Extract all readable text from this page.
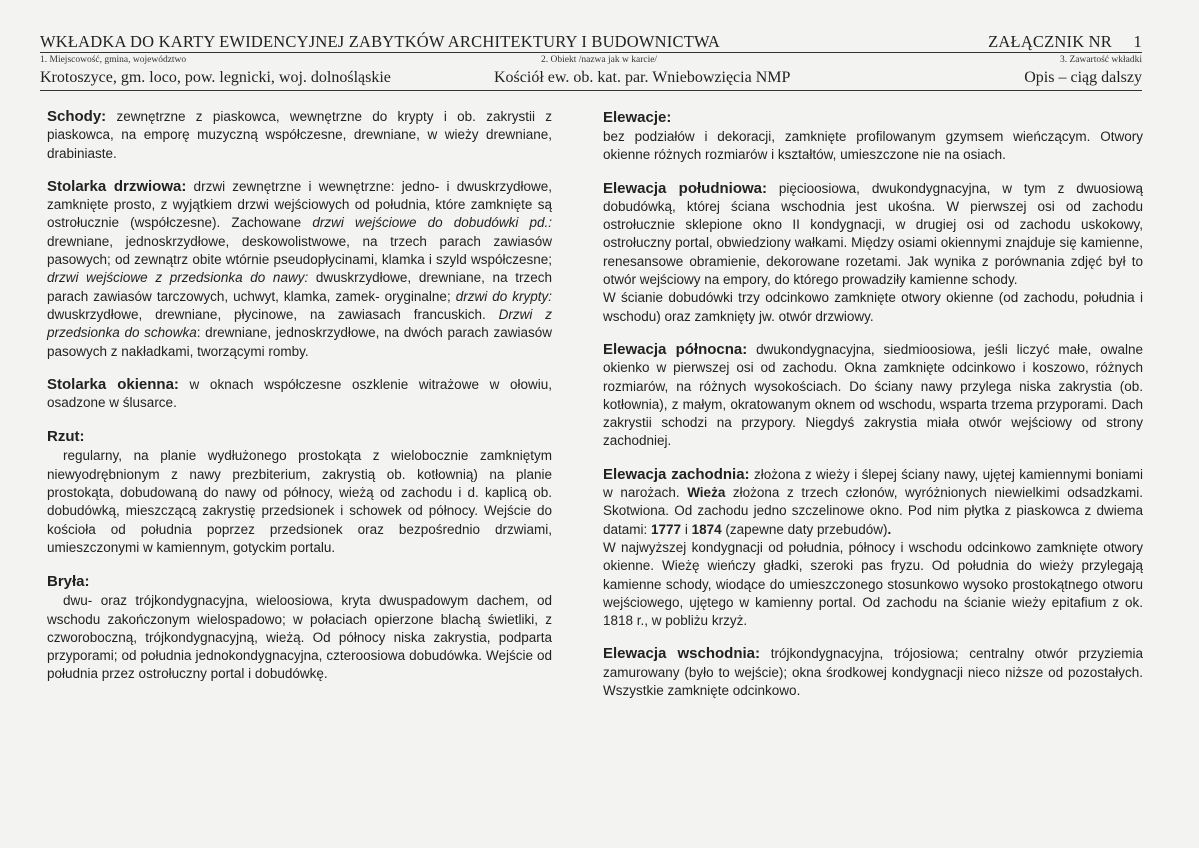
WKŁADKA DO KARTY EWIDENCYJNEJ ZABYTKÓW ARCHITEKTURY I BUDOWNICTWA	ZAŁĄCZNIK NR 1
1. Miejscowość, gmina, województwo	2. Obiekt /nazwa jak w karcie/	3. Zawartość wkładki
Krotoszyce, gm. loco, pow. legnicki, woj. dolnośląskie	Kościół ew. ob. kat. par. Wniebowzięcia NMP	Opis – ciąg dalszy
Schody: zewnętrzne z piaskowca, wewnętrzne do krypty i ob. zakrystii z piaskowca, na emporę muzyczną współczesne, drewniane, w wieży drewniane, drabiniaste.
Stolarka drzwiowa: drzwi zewnętrzne i wewnętrzne: jedno- i dwuskrzydłowe, zamknięte prosto, z wyjątkiem drzwi wejściowych od południa, które zamknięte są ostrołucznie (współczesne). Zachowane drzwi wejściowe do dobudówki pd.: drewniane, jednoskrzydłowe, deskowolistwowe, na trzech parach zawiasów pasowych; od zewnątrz obite wtórnie pseudopłycinami, klamka i szyld współczesne; drzwi wejściowe z przedsionka do nawy: dwuskrzydłowe, drewniane, na trzech parach zawiasów tarczowych, uchwyt, klamka, zamek- oryginalne; drzwi do krypty: dwuskrzydłowe, drewniane, płycinowe, na zawiasach francuskich. Drzwi z przedsionka do schowka: drewniane, jednoskrzydłowe, na dwóch parach zawiasów pasowych z nakładkami, tworzącymi romby.
Stolarka okienna: w oknach współczesne oszklenie witrażowe w ołowiu, osadzone w ślusarce.
Rzut:
regularny, na planie wydłużonego prostokąta z wielobocznie zamkniętym niewyodrębnionym z nawy prezbiterium, zakrystią ob. kotłownią) na planie prostokąta, dobudowaną do nawy od północy, wieżą od zachodu i d. kaplicą ob. dobudówką, mieszczącą zakrystię przedsionek i schowek od północy. Wejście do kościoła od południa poprzez przedsionek oraz bezpośrednio drzwiami, umieszczonymi w kamiennym, gotyckim portalu.
Bryła:
dwu- oraz trójkondygnacyjna, wieloosiowa, kryta dwuspadowym dachem, od wschodu zakończonym wielospadowo; w połaciach opierzone blachą świetliki, z czworoboczną, trójkondygnacyjną, wieżą. Od północy niska zakrystia, podparta przyporami; od południa jednokondygnacyjna, czteroosiowa dobudówka. Wejście od południa przez ostrołuczny portal i dobudówkę.
Elewacje:
bez podziałów i dekoracji, zamknięte profilowanym gzymsem wieńczącym. Otwory okienne różnych rozmiarów i kształtów, umieszczone nie na osiach.

Elewacja południowa: pięcioosiowa, dwukondygnacyjna, w tym z dwuosiową dobudówką, której ściana wschodnia jest ukośna. W pierwszej osi od zachodu ostrołucznie sklepione okno II kondygnacji, w drugiej osi od zachodu uskokowy, ostrołuczny portal, obwiedziony wałkami. Między osiami okiennymi znajduje się kamienne, renesansowe obramienie, dekorowane rozetami. Jak wynika z porównania zdjęć był to otwór wejściowy na empory, do którego prowadziły kamienne schody.

W ścianie dobudówki trzy odcinkowo zamknięte otwory okienne (od zachodu, południa i wschodu) oraz zamknięty jw. otwór drzwiowy.

Elewacja północna: dwukondygnacyjna, siedmioosiowa, jeśli liczyć małe, owalne okienko w pierwszej osi od zachodu. Okna zamknięte odcinkowo i koszowo, różnych rozmiarów, na różnych wysokościach. Do ściany nawy przylega niska zakrystia (ob. kotłownia), z małym, okratowanym oknem od wschodu, wsparta trzema przyporami. Dach zakrystii schodzi na przypory. Niegdyś zakrystia miała otwór wejściowy od strony zachodniej.

Elewacja zachodnia: złożona z wieży i ślepej ściany nawy, ujętej kamiennymi boniami w narożach. Wieża złożona z trzech członów, wyróżnionych niewielkimi odsadzkami. Skotwiona. Od zachodu jedno szczelinowe okno. Pod nim płytka z piaskowca z dwiema datami: 1777 i 1874 (zapewne daty przebudów).

W najwyższej kondygnacji od południa, północy i wschodu odcinkowo zamknięte otwory okienne. Wieżę wieńczy gładki, szeroki pas fryzu. Od południa do wieży przylegają kamienne schody, wiodące do umieszczonego stosunkowo wysoko prostokątnego otworu wejściowego, ujętego w kamienny portal. Od zachodu na ścianie wieży epitafium z ok. 1818 r., w pobliżu krzyż.

Elewacja wschodnia: trójkondygnacyjna, trójosiowa; centralny otwór przyziemia zamurowany (było to wejście); okna środkowej kondygnacji nieco niższe od pozostałych. Wszystkie zamknięte odcinkowo.
